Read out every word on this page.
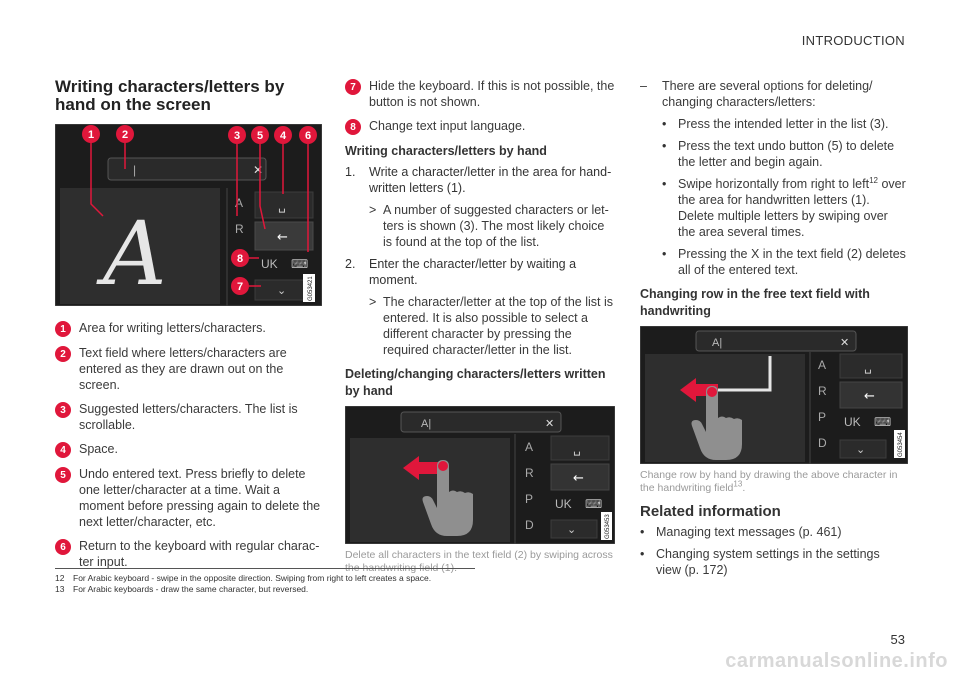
INTRODUCTION
Writing characters/letters by hand on the screen
|	✕
A	A
R
␣
←
UK ⌨
⌄	G053421
1	2	3 5 4 6
8
7
1	Area for writing letters/characters.
2	Text field where letters/characters are entered as they are drawn out on the screen.
3	Suggested letters/characters. The list is scrollable.
4	Space.
5	Undo entered text. Press briefly to delete one letter/character at a time. Wait a moment before pressing again to delete the next letter/character, etc.
6	Return to the keyboard with regular charac- ter input.
7	Hide the keyboard. If this is not possible, the button is not shown.
8	Change text input language.
Writing characters/letters by hand
1.	Write a character/letter in the area for hand- written letters (1).
> A number of suggested characters or let- ters is shown (3). The most likely choice is found at the top of the list.
2.	Enter the character/letter by waiting a moment.
> The character/letter at the top of the list is entered. It is also possible to select a different character by pressing the required character/letter in the list.
Deleting/changing characters/letters written by hand
A|	✕
A
R
P
D
␣
←
UK ⌨
⌄	G053453
Delete all characters in the text field (2) by swiping across the handwriting field (1).
–	There are several options for deleting/ changing characters/letters:
• Press the intended letter in the list (3).
• Press the text undo button (5) to delete the letter and begin again.
• Swipe horizontally from right to left$^{12}$ over the area for handwritten letters (1). Delete multiple letters by swiping over the area several times.
• Pressing the X in the text field (2) deletes all of the entered text.
Changing row in the free text field with handwriting
A|	✕
A
R
P
D
␣
←
UK ⌨
⌄	G053454
Change row by hand by drawing the above character in the handwriting field$^{13}$.
Related information
• Managing text messages (p. 461)
• Changing system settings in the settings view (p. 172)
12	For Arabic keyboard - swipe in the opposite direction. Swiping from right to left creates a space.
13	For Arabic keyboards - draw the same character, but reversed.
53
carmanualsonline.info
